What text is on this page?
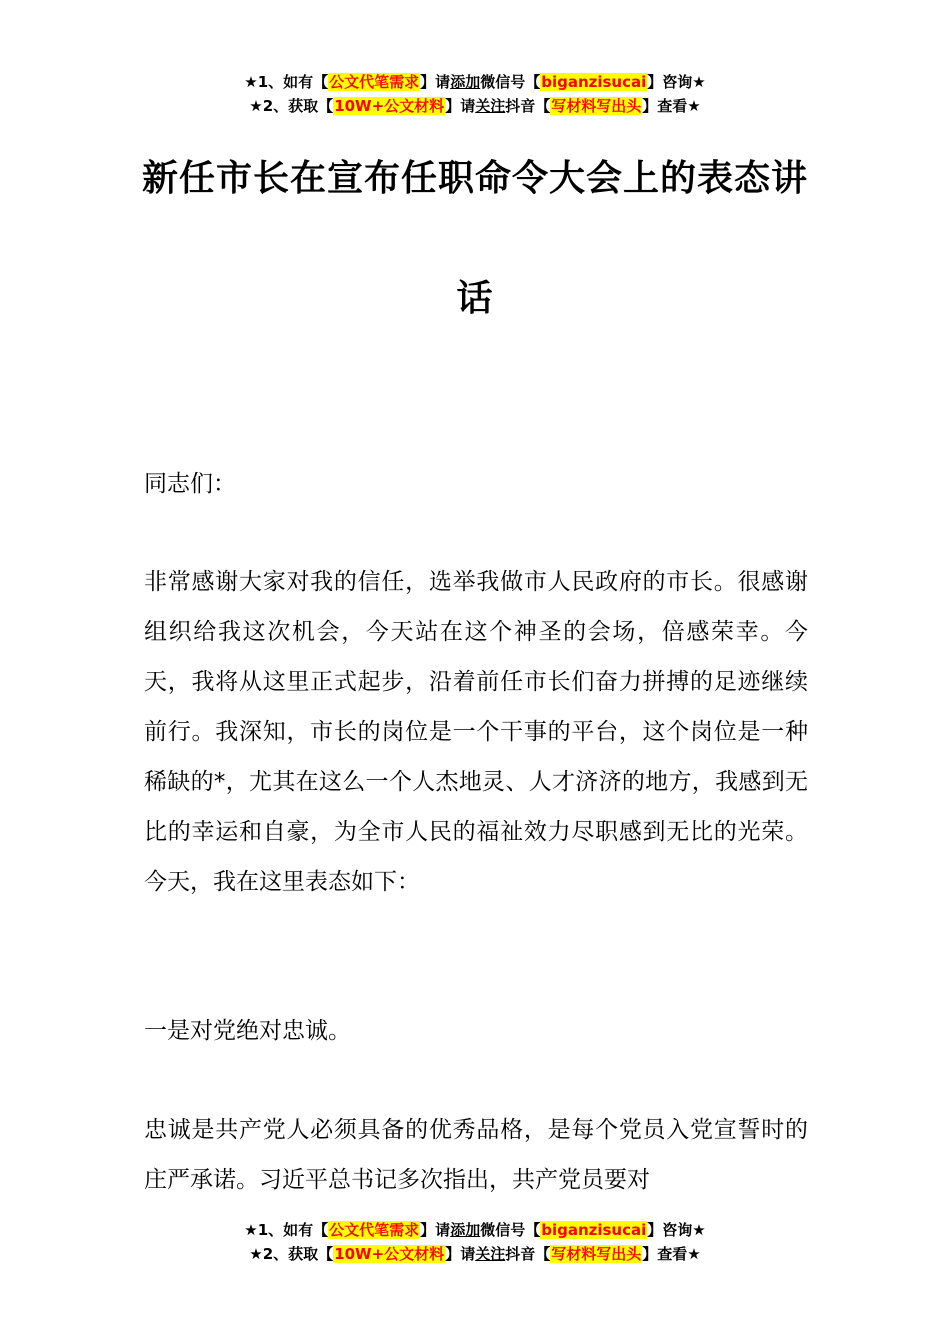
★1、如有【公文代笔需求】请添加微信号【biganzisucai】咨询★
★2、获取【10W+公文材料】请关注抖音【写材料写出头】查看★
新任市长在宣布任职命令大会上的表态讲
话
同志们：
非常感谢大家对我的信任，选举我做市人民政府的市长。很感谢组织给我这次机会，今天站在这个神圣的会场，倍感荣幸。今天，我将从这里正式起步，沿着前任市长们奋力拼搏的足迹继续前行。我深知，市长的岗位是一个干事的平台，这个岗位是一种稀缺的*，尤其在这么一个人杰地灵、人才济济的地方，我感到无比的幸运和自豪，为全市人民的福祉效力尽职感到无比的光荣。今天，我在这里表态如下：
一是对党绝对忠诚。
忠诚是共产党人必须具备的优秀品格，是每个党员入党宣誓时的庄严承诺。习近平总书记多次指出，共产党员要对
★1、如有【公文代笔需求】请添加微信号【biganzisucai】咨询★
★2、获取【10W+公文材料】请关注抖音【写材料写出头】查看★
